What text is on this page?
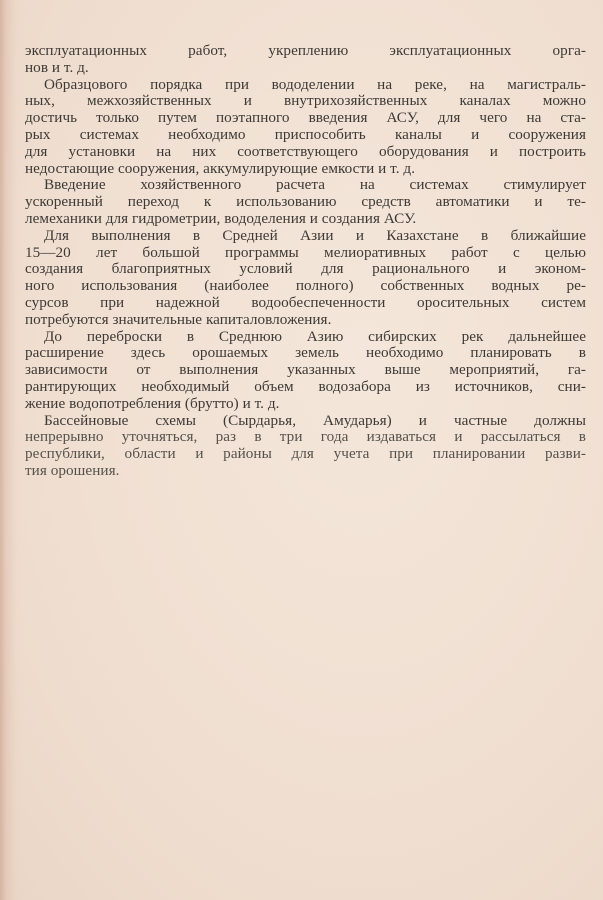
эксплуатационных работ, укреплению эксплуатационных орга-
нов и т. д.
Образцового порядка при вододелении на реке, на магистраль-
ных, межхозяйственных и внутрихозяйственных каналах можно
достичь только путем поэтапного введения АСУ, для чего на ста-
рых системах необходимо приспособить каналы и сооружения
для установки на них соответствующего оборудования и построить
недостающие сооружения, аккумулирующие емкости и т. д.
Введение хозяйственного расчета на системах стимулирует
ускоренный переход к использованию средств автоматики и те-
лемеханики для гидрометрии, вододеления и создания АСУ.
Для выполнения в Средней Азии и Казахстане в ближайшие
15—20 лет большой программы мелиоративных работ с целью
создания благоприятных условий для рационального и эконом-
ного использования (наиболее полного) собственных водных ре-
сурсов при надежной водообеспеченности оросительных систем
потребуются значительные капиталовложения.
До переброски в Среднюю Азию сибирских рек дальнейшее
расширение здесь орошаемых земель необходимо планировать в
зависимости от выполнения указанных выше мероприятий, га-
рантирующих необходимый объем водозабора из источников, сни-
жение водопотребления (брутто) и т. д.
Бассейновые схемы (Сырдарья, Амударья) и частные должны
непрерывно уточняться, раз в три года издаваться и рассылаться в
республики, области и районы для учета при планировании разви-
тия орошения.
